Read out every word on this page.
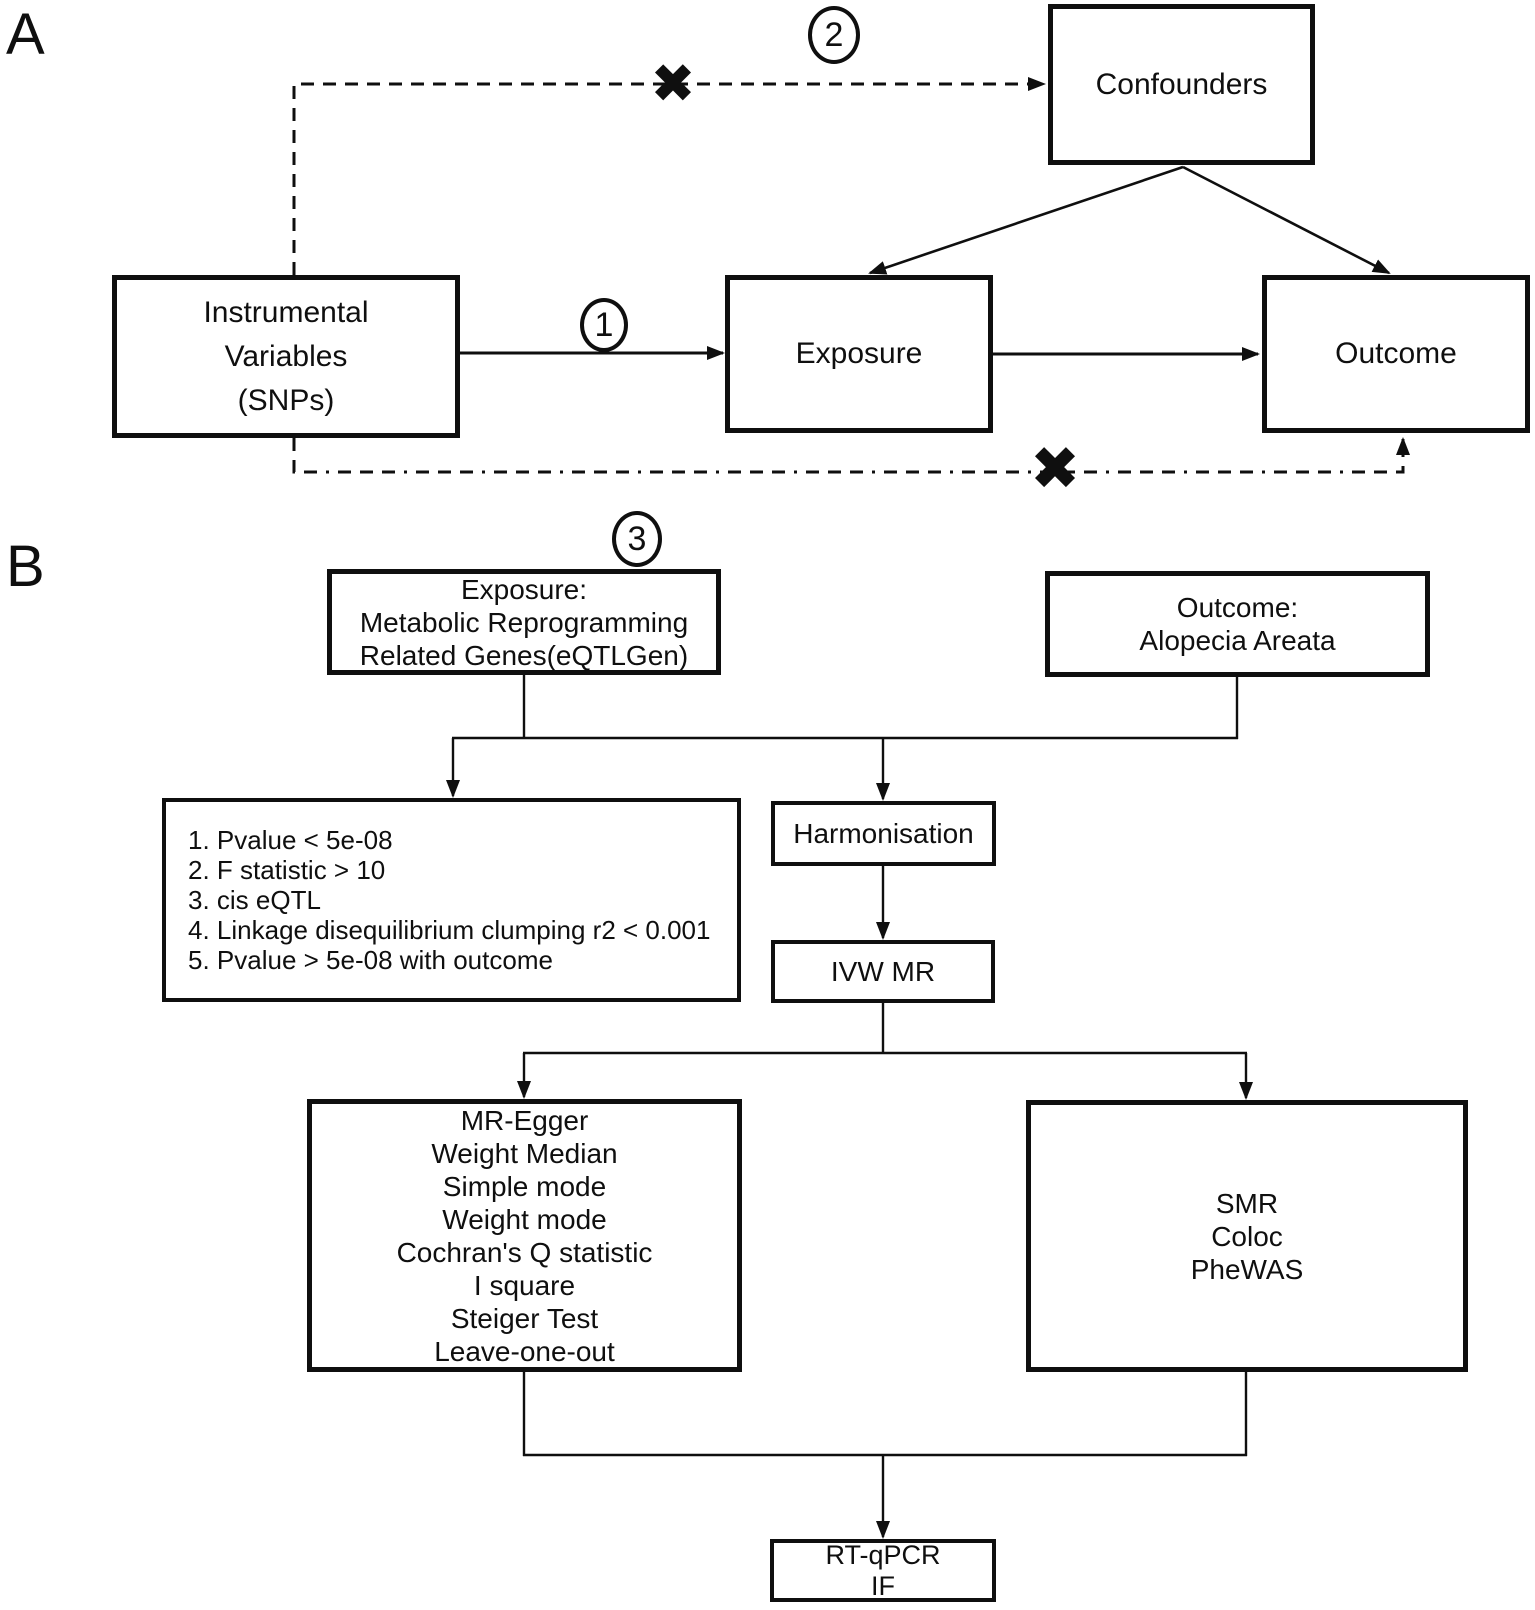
A
B
Confounders
Instrumental
Variables
(SNPs)
Exposure	Outcome
1
2
3
✖
✖
Exposure:
Metabolic Reprogramming
Related Genes(eQTLGen)
Outcome:
Alopecia Areata
1. Pvalue < 5e-08
2. F statistic > 10
3. cis eQTL
4. Linkage disequilibrium clumping r2 < 0.001
5. Pvalue > 5e-08 with outcome
Harmonisation
IVW MR
MR-Egger
Weight Median
Simple mode
Weight mode
Cochran's Q statistic
I square
Steiger Test
Leave-one-out
SMR
Coloc
PheWAS
RT-qPCR
IF
